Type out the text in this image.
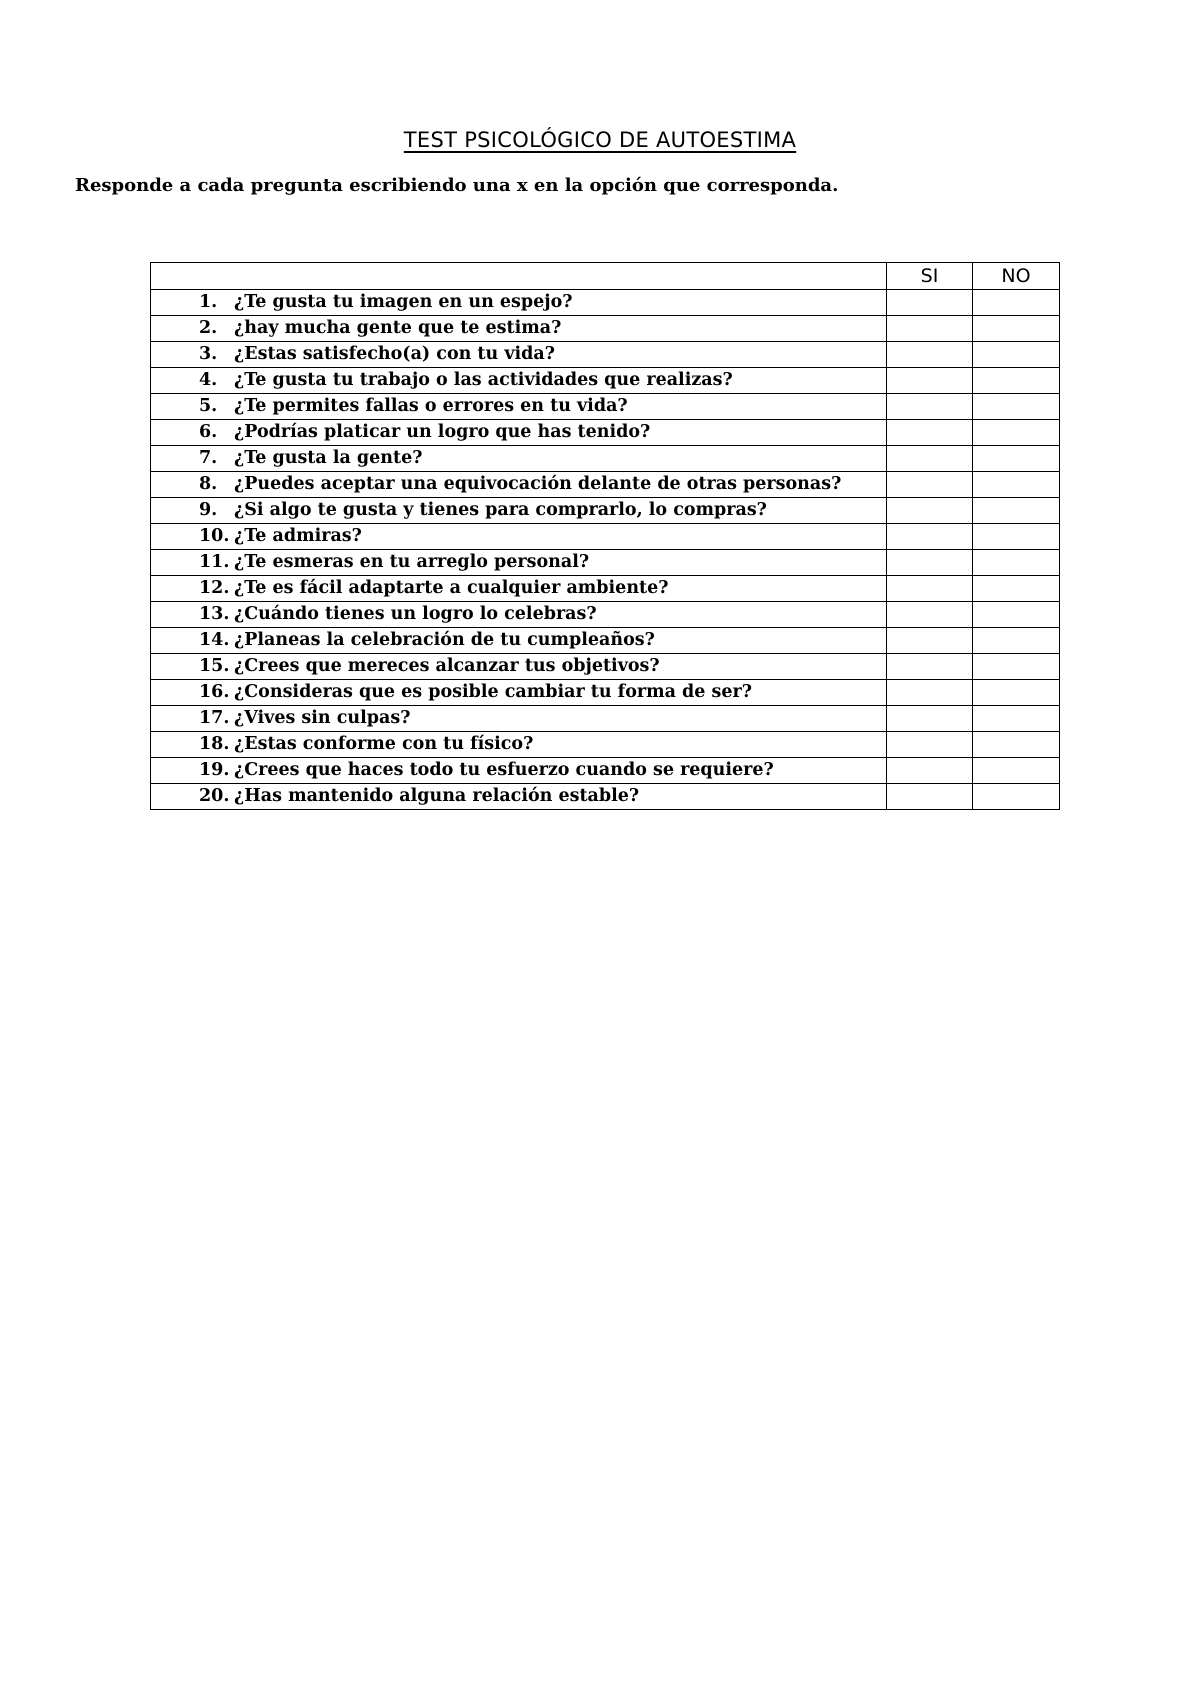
TEST PSICOLÓGICO DE AUTOESTIMA
Responde a cada pregunta escribiendo una x en la opción que corresponda.
	SI	NO
1. ¿Te gusta tu imagen en un espejo?		
2. ¿hay mucha gente que te estima?		
3. ¿Estas satisfecho(a) con tu vida?		
4. ¿Te gusta tu trabajo o las actividades que realizas?		
5. ¿Te permites fallas o errores en tu vida?		
6. ¿Podrías platicar un logro que has tenido?		
7. ¿Te gusta la gente?		
8. ¿Puedes aceptar una equivocación delante de otras personas?		
9. ¿Si algo te gusta y tienes para comprarlo, lo compras?		
10. ¿Te admiras?		
11. ¿Te esmeras en tu arreglo personal?		
12. ¿Te es fácil adaptarte a cualquier ambiente?		
13. ¿Cuándo tienes un logro lo celebras?		
14. ¿Planeas la celebración de tu cumpleaños?		
15. ¿Crees que mereces alcanzar tus objetivos?		
16. ¿Consideras que es posible cambiar tu forma de ser?		
17. ¿Vives sin culpas?		
18. ¿Estas conforme con tu físico?		
19. ¿Crees que haces todo tu esfuerzo cuando se requiere?		
20. ¿Has mantenido alguna relación estable?		
